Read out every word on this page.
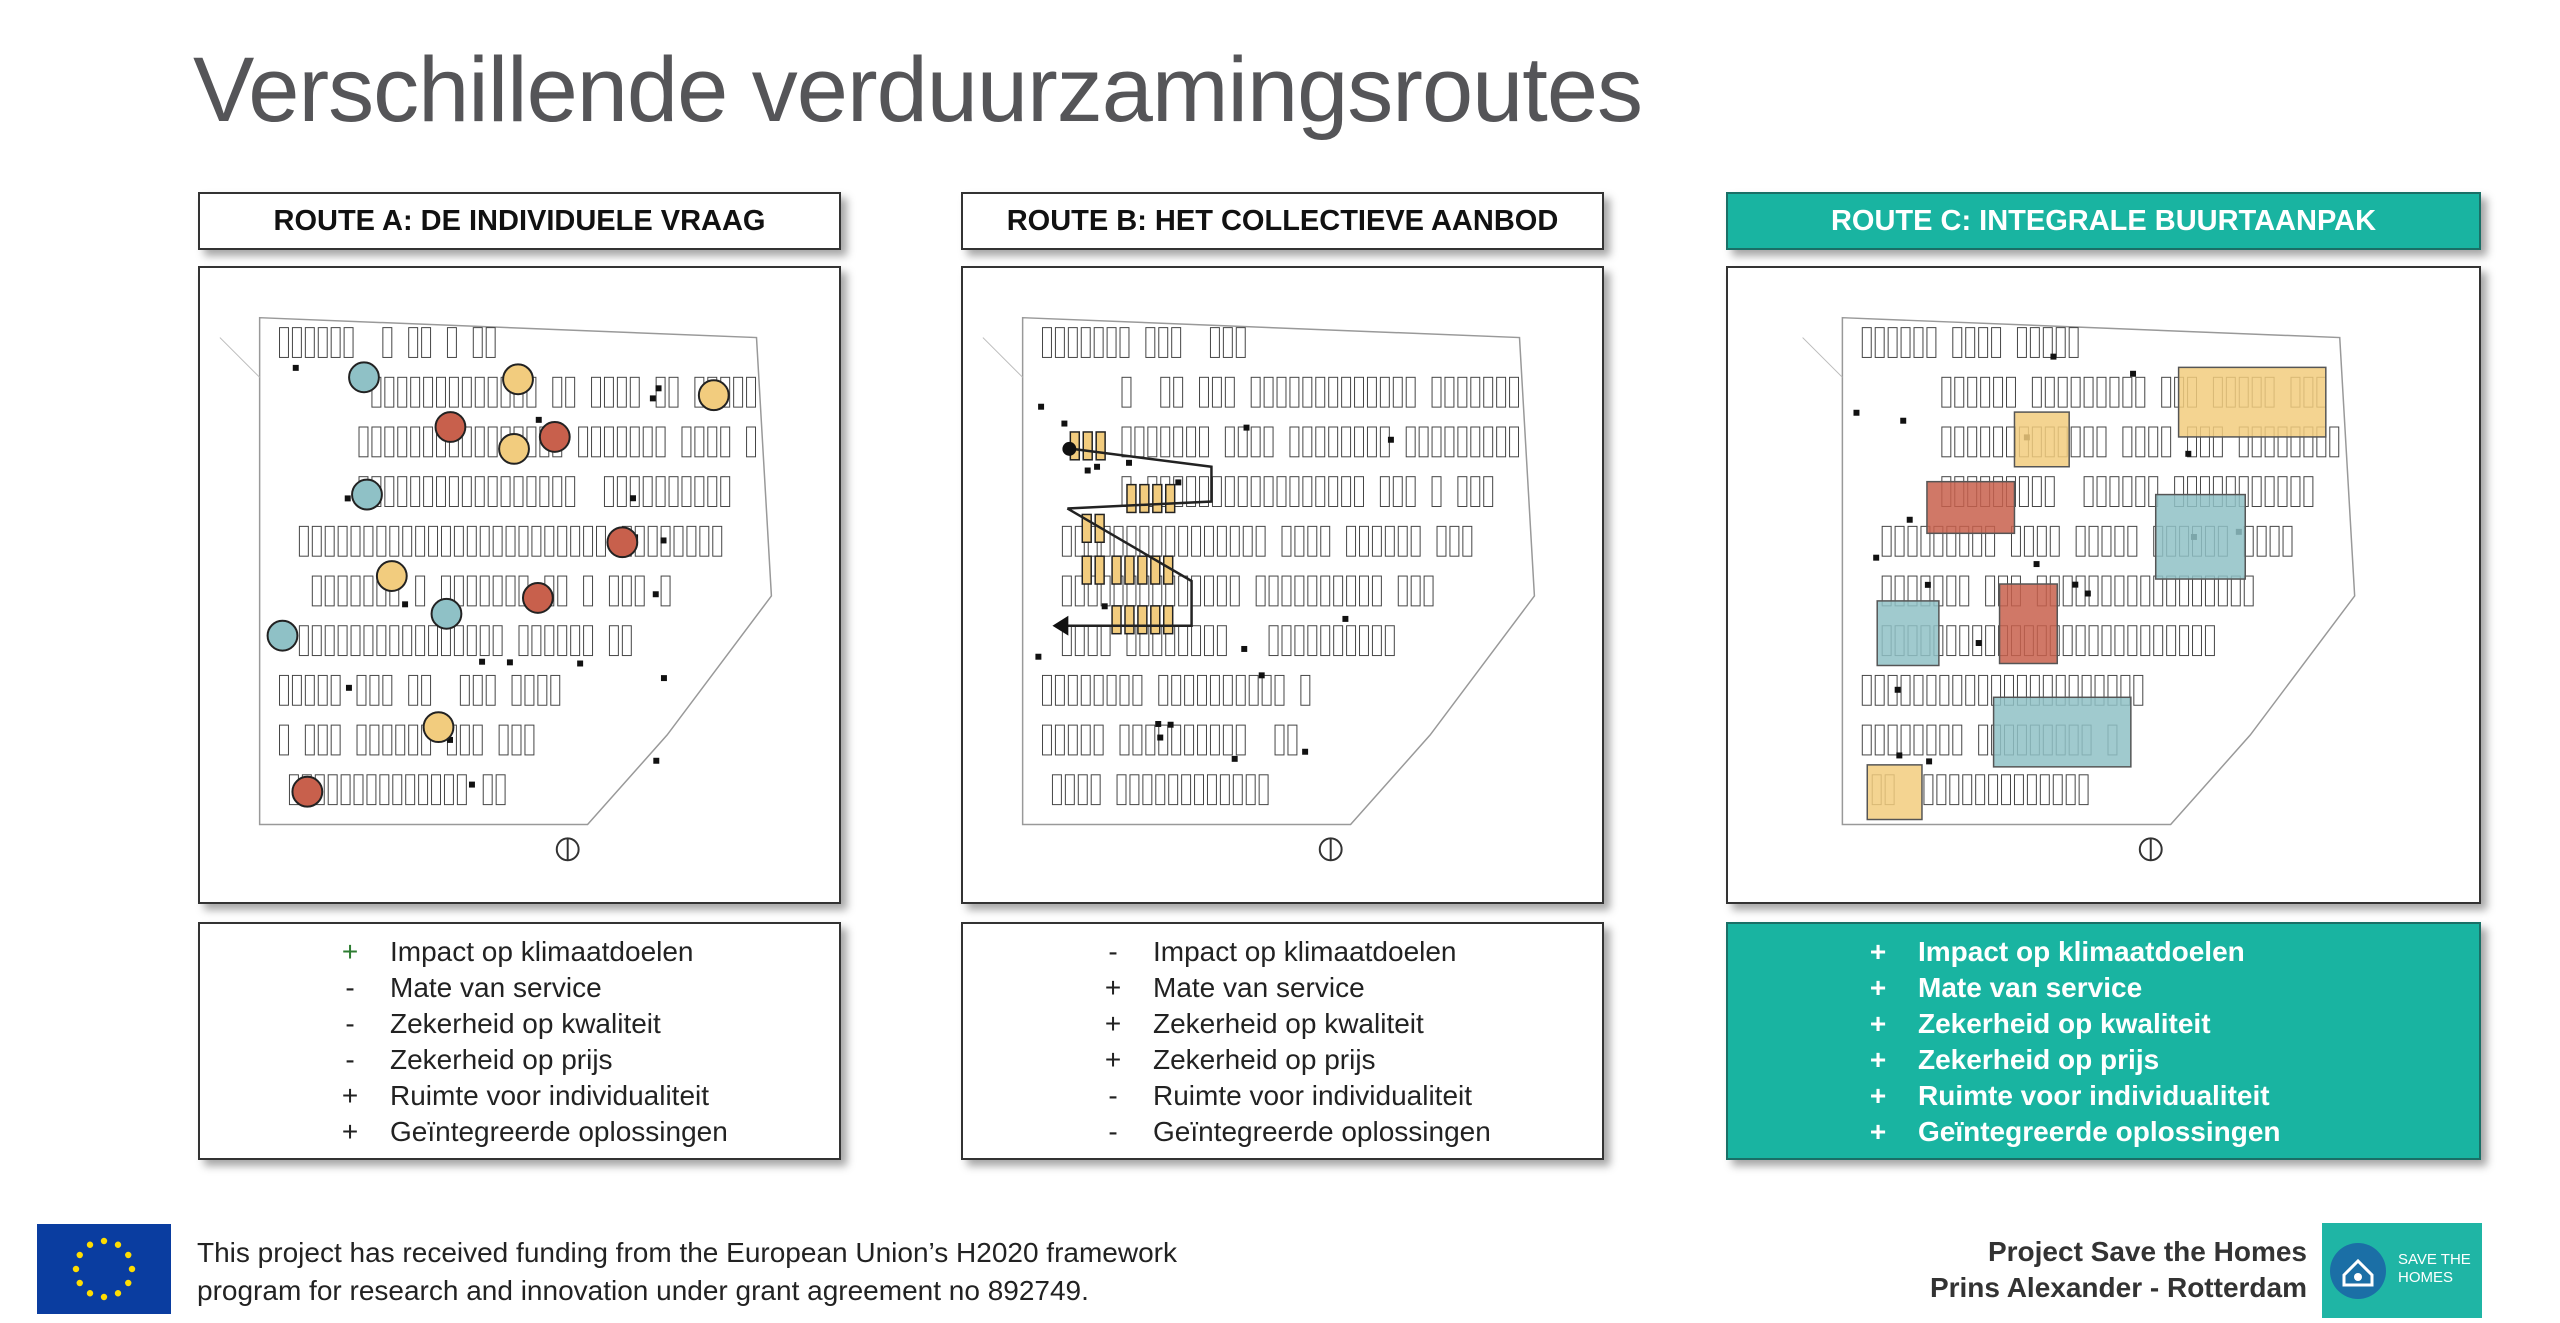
Verschillende verduurzamingsroutes
ROUTE A: DE INDIVIDUELE VRAAG
+	Impact op klimaatdoelen
-	Mate van service
-	Zekerheid op kwaliteit
-	Zekerheid op prijs
+	Ruimte voor individualiteit
+	Geïntegreerde oplossingen
ROUTE B: HET COLLECTIEVE AANBOD
-	Impact op klimaatdoelen
+	Mate van service
+	Zekerheid op kwaliteit
+	Zekerheid op prijs
-	Ruimte voor individualiteit
-	Geïntegreerde oplossingen
ROUTE C: INTEGRALE BUURTAANPAK
+	Impact op klimaatdoelen
+	Mate van service
+	Zekerheid op kwaliteit
+	Zekerheid op prijs
+	Ruimte voor individualiteit
+	Geïntegreerde oplossingen
This project has received funding from the European Union’s H2020 framework
program for research and innovation under grant agreement no 892749.
Project Save the Homes
Prins Alexander - Rotterdam
SAVE THE
HOMES
